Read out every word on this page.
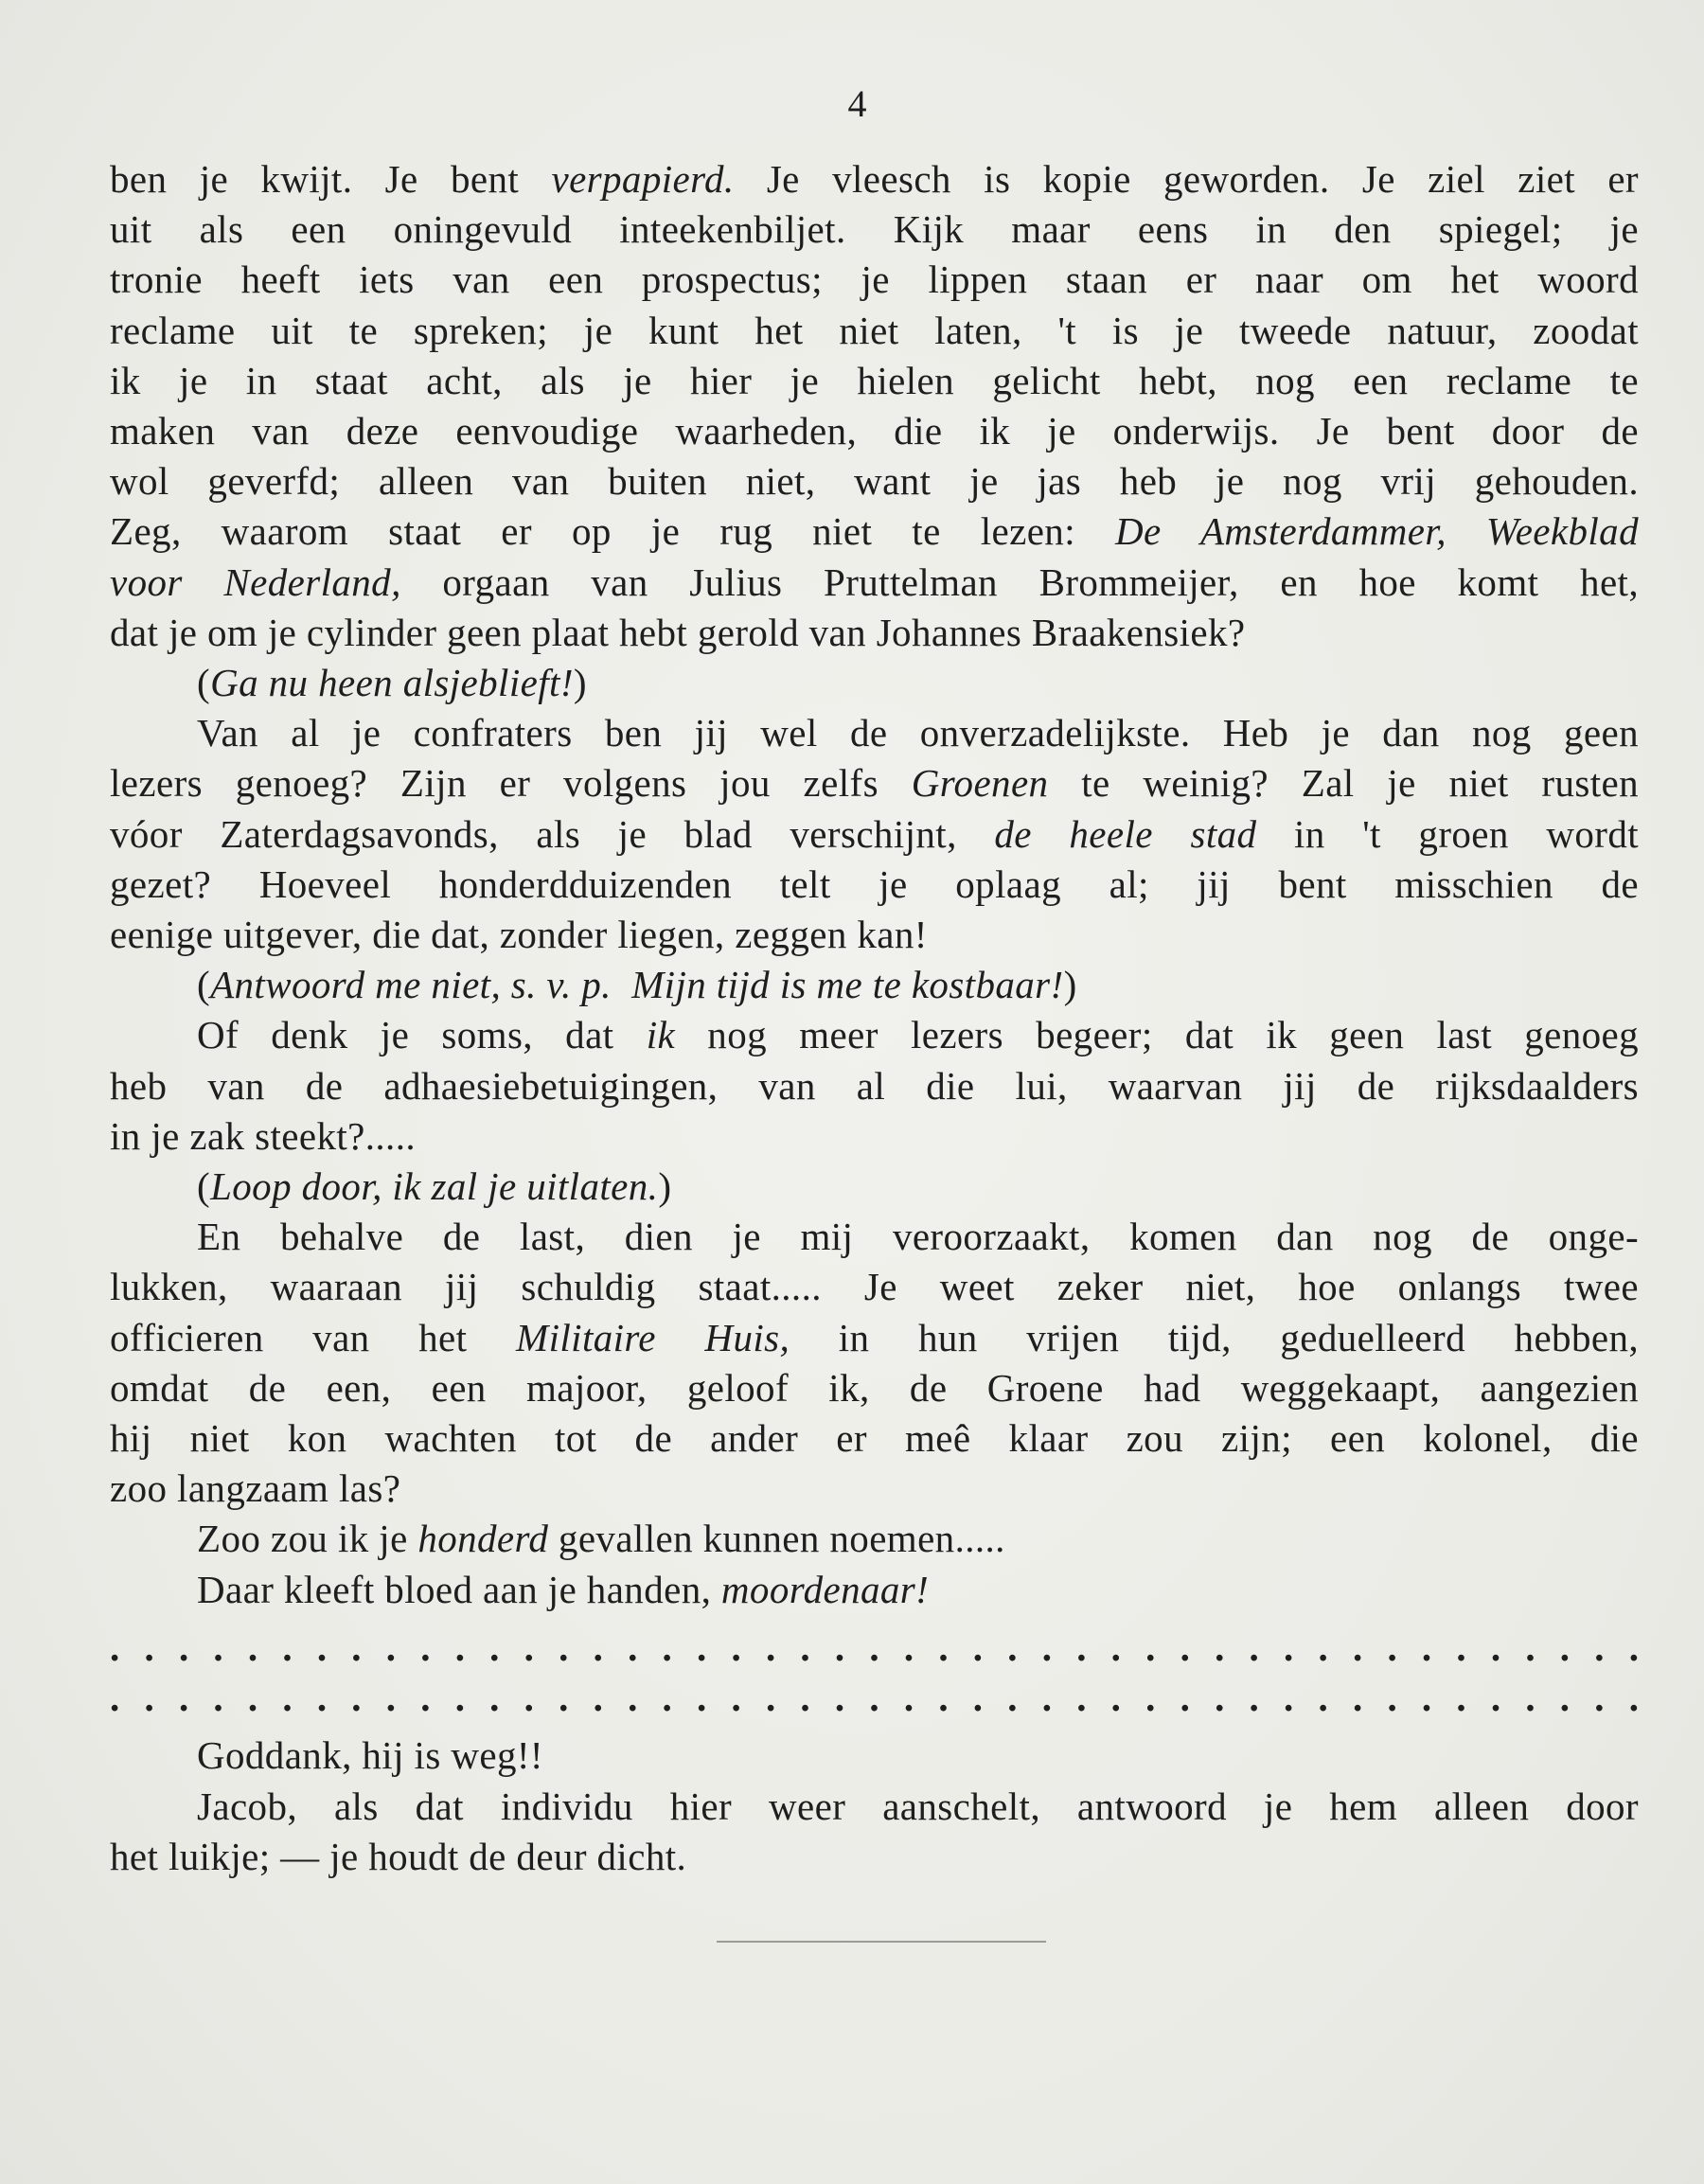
4
ben je kwijt. Je bent verpapierd. Je vleesch is kopie geworden. Je ziel ziet er
uit als een oningevuld inteekenbiljet. Kijk maar eens in den spiegel; je
tronie heeft iets van een prospectus; je lippen staan er naar om het woord
reclame uit te spreken; je kunt het niet laten, 't is je tweede natuur, zoodat
ik je in staat acht, als je hier je hielen gelicht hebt, nog een reclame te
maken van deze eenvoudige waarheden, die ik je onderwijs. Je bent door de
wol geverfd; alleen van buiten niet, want je jas heb je nog vrij gehouden.
Zeg, waarom staat er op je rug niet te lezen: De Amsterdammer, Weekblad
voor Nederland, orgaan van Julius Pruttelman Brommeijer, en hoe komt het,
dat je om je cylinder geen plaat hebt gerold van Johannes Braakensiek?
(Ga nu heen alsjeblieft!)
Van al je confraters ben jij wel de onverzadelijkste. Heb je dan nog geen
lezers genoeg? Zijn er volgens jou zelfs Groenen te weinig? Zal je niet rusten
vóor Zaterdagsavonds, als je blad verschijnt, de heele stad in 't groen wordt
gezet? Hoeveel honderdduizenden telt je oplaag al; jij bent misschien de
eenige uitgever, die dat, zonder liegen, zeggen kan!
(Antwoord me niet, s. v. p.  Mijn tijd is me te kostbaar!)
Of denk je soms, dat ik nog meer lezers begeer; dat ik geen last genoeg
heb van de adhaesiebetuigingen, van al die lui, waarvan jij de rijksdaalders
in je zak steekt?.....
(Loop door, ik zal je uitlaten.)
En behalve de last, dien je mij veroorzaakt, komen dan nog de onge-
lukken, waaraan jij schuldig staat..... Je weet zeker niet, hoe onlangs twee
officieren van het Militaire Huis, in hun vrijen tijd, geduelleerd hebben,
omdat de een, een majoor, geloof ik, de Groene had weggekaapt, aangezien
hij niet kon wachten tot de ander er meê klaar zou zijn; een kolonel, die
zoo langzaam las?
Zoo zou ik je honderd gevallen kunnen noemen.....
Daar kleeft bloed aan je handen, moordenaar!
. . . . . . . . . . . . . . . . . . . . . . . . . . . . . . . . . . . . . . . . . . . . .
. . . . . . . . . . . . . . . . . . . . . . . . . . . . . . . . . . . . . . . . . . . . .
Goddank, hij is weg!!
Jacob, als dat individu hier weer aanschelt, antwoord je hem alleen door
het luikje; — je houdt de deur dicht.
